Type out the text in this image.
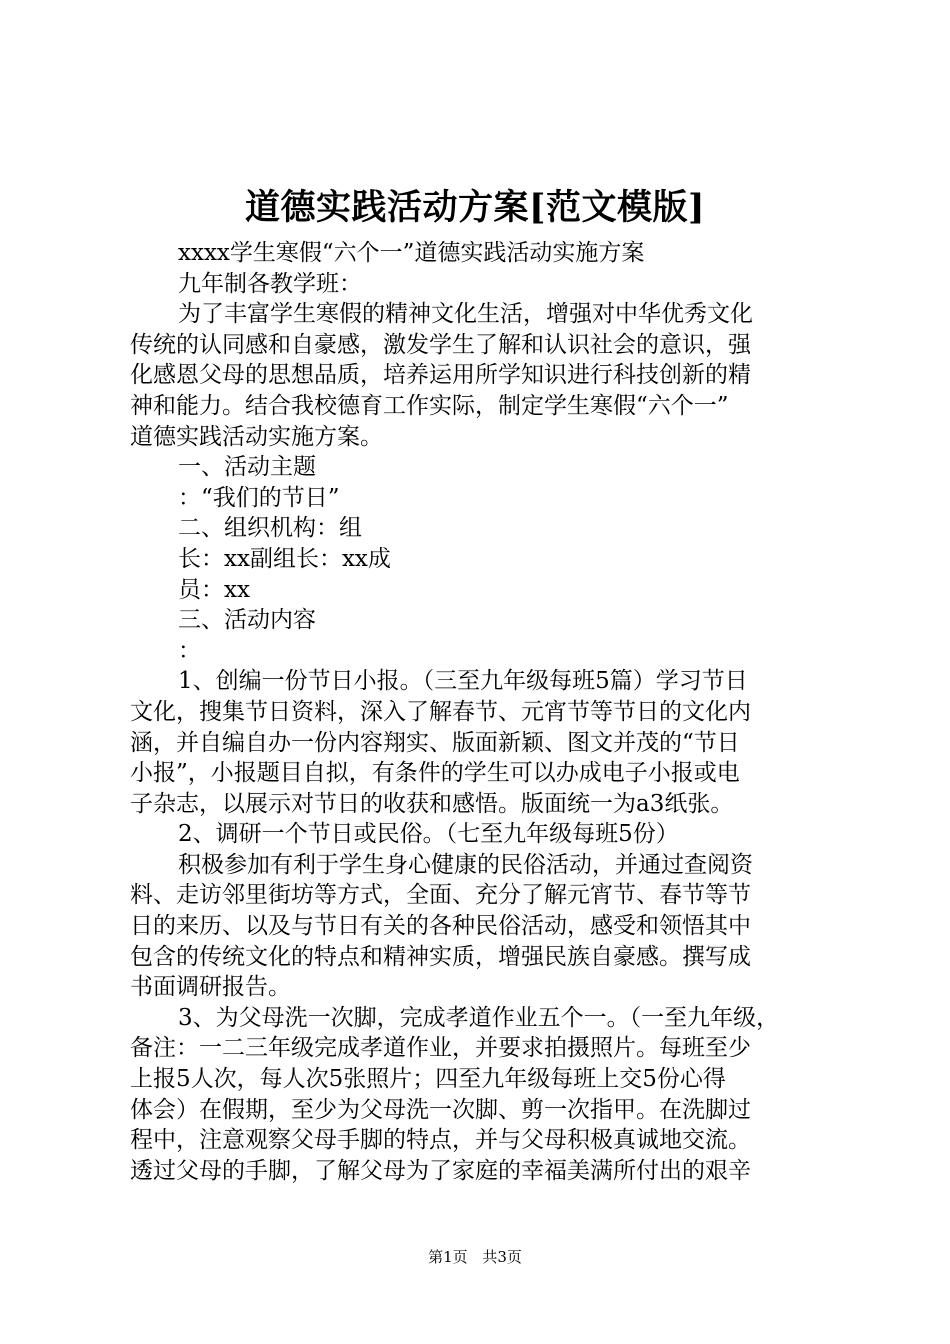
道德实践活动方案[范文模版]
xxxx学生寒假“六个一”道德实践活动实施方案
九年制各教学班：
为了丰富学生寒假的精神文化生活，增强对中华优秀文化
传统的认同感和自豪感，激发学生了解和认识社会的意识，强
化感恩父母的思想品质，培养运用所学知识进行科技创新的精
神和能力。结合我校德育工作实际，制定学生寒假“六个一”
道德实践活动实施方案。
一、活动主题
：“我们的节日”
二、组织机构：组
长：xx副组长：xx成
员：xx
三、活动内容
：
1、创编一份节日小报。（三至九年级每班5篇）学习节日
文化，搜集节日资料，深入了解春节、元宵节等节日的文化内
涵，并自编自办一份内容翔实、版面新颖、图文并茂的“节日
小报”，小报题目自拟，有条件的学生可以办成电子小报或电
子杂志，以展示对节日的收获和感悟。版面统一为a3纸张。
2、调研一个节日或民俗。（七至九年级每班5份）
积极参加有利于学生身心健康的民俗活动，并通过查阅资
料、走访邻里街坊等方式，全面、充分了解元宵节、春节等节
日的来历、以及与节日有关的各种民俗活动，感受和领悟其中
包含的传统文化的特点和精神实质，增强民族自豪感。撰写成
书面调研报告。
3、为父母洗一次脚，完成孝道作业五个一。（一至九年级，
备注：一二三年级完成孝道作业，并要求拍摄照片。每班至少
上报5人次，每人次5张照片；四至九年级每班上交5份心得
体会）在假期，至少为父母洗一次脚、剪一次指甲。在洗脚过
程中，注意观察父母手脚的特点，并与父母积极真诚地交流。
透过父母的手脚，了解父母为了家庭的幸福美满所付出的艰辛
第1页 共3页
